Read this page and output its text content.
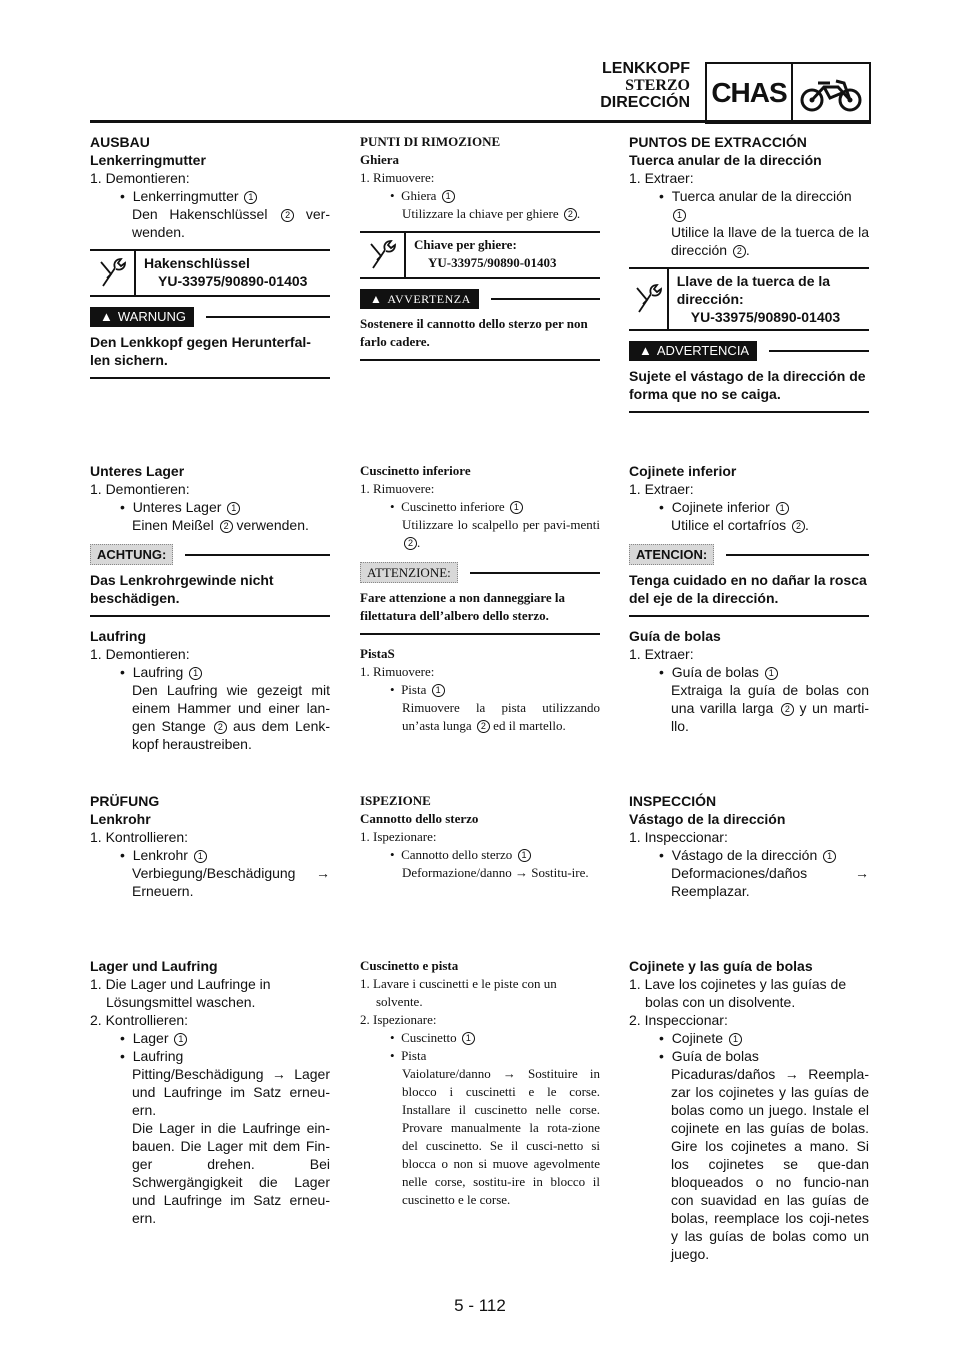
LENKKOPF
STERZO
DIRECCIÓN CHAS
AUSBAU
Lenkerringmutter
1. Demontieren:
•  Lenkerringmutter 1
Den Hakenschlüssel 2 ver-wenden.
Hakenschlüssel
YU-33975/90890-01403
▲ WARNUNG
Den Lenkkopf gegen Herunterfal-len sichern.
Unteres Lager
1. Demontieren:
•  Unteres Lager 1
Einen Meißel 2 verwenden.
ACHTUNG:
Das Lenkrohrgewinde nicht beschädigen.
Laufring
1. Demontieren:
•  Laufring 1
Den Laufring wie gezeigt mit einem Hammer und einer lan-gen Stange 2 aus dem Lenk-kopf heraustreiben.
PRÜFUNG
Lenkrohr
1. Kontrollieren:
•  Lenkrohr 1
Verbiegung/Beschädigung → Erneuern.
Lager und Laufring
1. Die Lager und Laufringe in Lösungsmittel waschen.
2. Kontrollieren:
•  Lager 1
•  Laufring
Pitting/Beschädigung → Lager und Laufringe im Satz erneu-ern.
Die Lager in die Laufringe ein-bauen. Die Lager mit dem Fin-ger drehen. Bei Schwergängigkeit die Lager und Laufringe im Satz erneu-ern.
PUNTI DI RIMOZIONE
Ghiera
1. Rimuovere:
•  Ghiera 1
Utilizzare la chiave per ghiere 2 .
Chiave per ghiere:
YU-33975/90890-01403
▲ AVVERTENZA
Sostenere il cannotto dello sterzo per non farlo cadere.
Cuscinetto inferiore
1. Rimuovere:
•  Cuscinetto inferiore 1
Utilizzare lo scalpello per pavi-menti 2 .
ATTENZIONE:
Fare attenzione a non danneggiare la filettatura dell’albero dello sterzo.
PistaS
1. Rimuovere:
•  Pista 1
Rimuovere la pista utilizzando un’asta lunga 2 ed il martello.
ISPEZIONE
Cannotto dello sterzo
1. Ispezionare:
•  Cannotto dello sterzo 1
Deformazione/danno → Sostitu-ire.
Cuscinetto e pista
1. Lavare i cuscinetti e le piste con un solvente.
2. Ispezionare:
•  Cuscinetto 1
•  Pista
Vaiolature/danno → Sostituire in blocco i cuscinetti e le corse. Installare il cuscinetto nelle corse. Provare manualmente la rota-zione del cuscinetto. Se il cusci-netto si blocca o non si muove agevolmente nelle corse, sostitu-ire in blocco il cuscinetto e le corse.
PUNTOS DE EXTRACCIÓN
Tuerca anular de la dirección
1. Extraer:
•  Tuerca anular de la dirección 1
Utilice la llave de la tuerca de la dirección 2 .
Llave de la tuerca de la dirección:
YU-33975/90890-01403
▲ ADVERTENCIA
Sujete el vástago de la dirección de forma que no se caiga.
Cojinete inferior
1. Extraer:
•  Cojinete inferior 1
Utilice el cortafríos 2 .
ATENCION:
Tenga cuidado en no dañar la rosca del eje de la dirección.
Guía de bolas
1. Extraer:
•  Guía de bolas 1
Extraiga la guía de bolas con una varilla larga 2 y un marti-llo.
INSPECCIÓN
Vástago de la dirección
1. Inspeccionar:
•  Vástago de la dirección 1
Deformaciones/daños → Reemplazar.
Cojinete y las guía de bolas
1. Lave los cojinetes y las guías de bolas con un disolvente.
2. Inspeccionar:
•  Cojinete 1
•  Guía de bolas
Picaduras/daños → Reempla-zar los cojinetes y las guías de bolas como un juego. Instale el cojinete en las guías de bolas. Gire los cojinetes a mano. Si los cojinetes se que-dan bloqueados o no funcio-nan con suavidad en las guías de bolas, reemplace los coji-netes y las guías de bolas como un juego.
5 - 112
